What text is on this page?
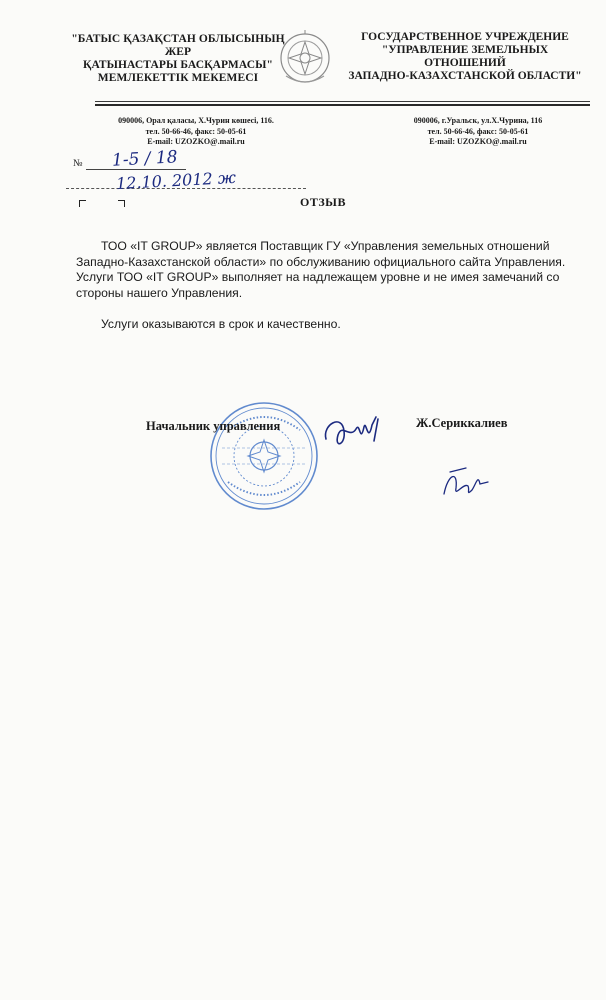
"БАТЫС ҚАЗАҚСТАН ОБЛЫСЫНЫҢ
ЖЕР
ҚАТЫНАСТАРЫ БАСҚАРМАСЫ"
МЕМЛЕКЕТТІК МЕКЕМЕСІ
ГОСУДАРСТВЕННОЕ УЧРЕЖДЕНИЕ
"УПРАВЛЕНИЕ ЗЕМЕЛЬНЫХ
ОТНОШЕНИЙ
ЗАПАДНО-КАЗАХСТАНСКОЙ ОБЛАСТИ"
090006, Орал қаласы, Х.Чурин көшесі, 116.
тел. 50-66-46, факс: 50-05-61
E-mail: UZOZKO@.mail.ru
090006, г.Уральск, ул.Х.Чурина, 116
тел. 50-66-46, факс: 50-05-61
E-mail: UZOZKO@.mail.ru
№ 1-5 / 18
12.10. 2012 ж
ОТЗЫВ

ТОО «IT GROUP» является Поставщик ГУ «Управления земельных отношений Западно-Казахстанской области» по обслуживанию официального сайта Управления. Услуги ТОО «IT GROUP» выполняет на надлежащем уровне и не имея замечаний со стороны нашего Управления.

Услуги оказываются в срок и качественно.

Начальник управления	Ж.Сериккалиев
